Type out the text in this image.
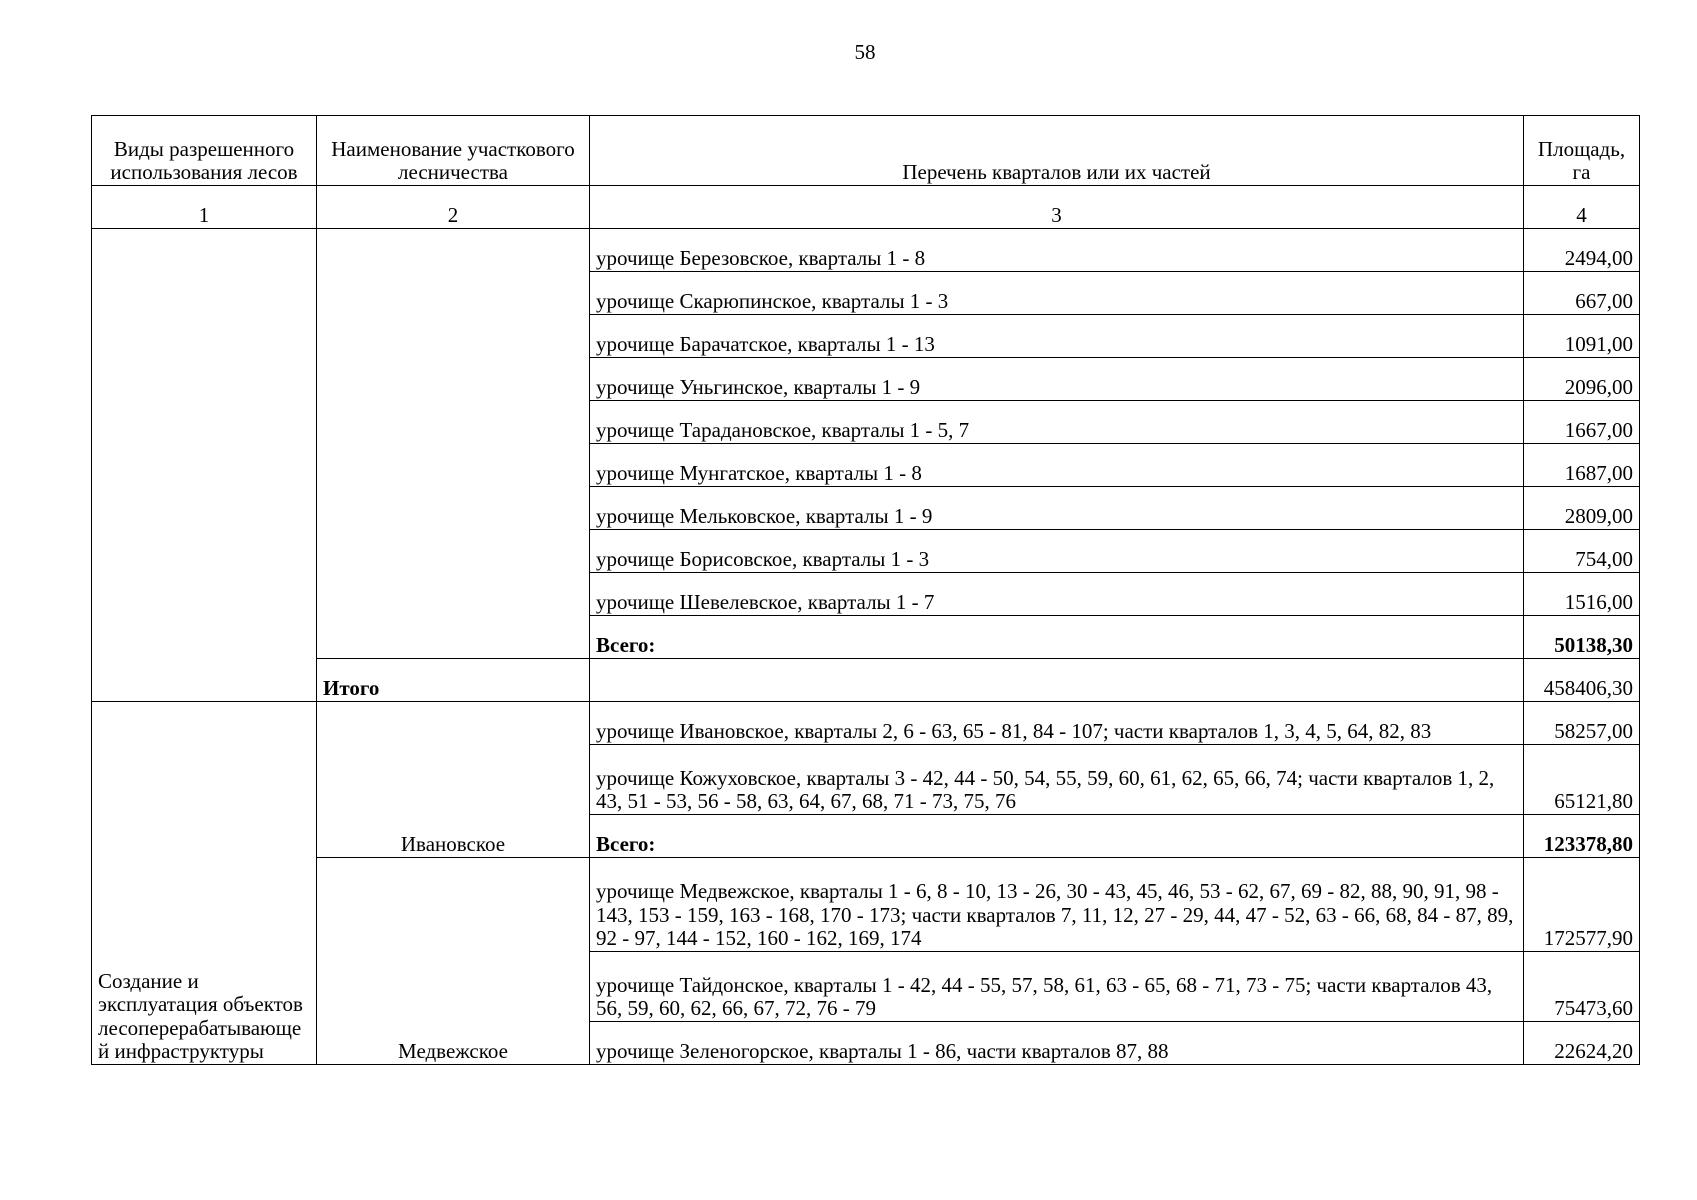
58
Виды разрешенного использования лесов	Наименование участкового лесничества	Перечень кварталов или их частей	Площадь, га
1	2	3	4
		урочище Березовское, кварталы 1 - 8	2494,00
		урочище Скарюпинское, кварталы 1 - 3	667,00
		урочище Барачатское, кварталы 1 - 13	1091,00
		урочище Уньгинское, кварталы 1 - 9	2096,00
		урочище Тараданoвское, кварталы 1 - 5, 7	1667,00
		урочище Мунгатское, кварталы 1 - 8	1687,00
		урочище Мельковское, кварталы 1 - 9	2809,00
		урочище Борисовское, кварталы 1 - 3	754,00
		урочище Шевелевское, кварталы 1 - 7	1516,00
		Всего:	50138,30
	Итого		458406,30
Создание и эксплуатация объектов лесоперерабатывающе й инфраструктуры	Ивановское	урочище Ивановское, кварталы 2, 6 - 63, 65 - 81, 84 - 107; части кварталов 1, 3, 4, 5, 64, 82, 83	58257,00
		урочище Кожуховское, кварталы 3 - 42, 44 - 50, 54, 55, 59, 60, 61, 62, 65, 66, 74; части кварталов 1, 2, 43, 51 - 53, 56 - 58, 63, 64, 67, 68, 71 - 73, 75, 76	65121,80
		Всего:	123378,80
	Медвежское	урочище Медвежское, кварталы 1 - 6, 8 - 10, 13 - 26, 30 - 43, 45, 46, 53 - 62, 67, 69 - 82, 88, 90, 91, 98 - 143, 153 - 159, 163 - 168, 170 - 173; части кварталов 7, 11, 12, 27 - 29, 44, 47 - 52, 63 - 66, 68, 84 - 87, 89, 92 - 97, 144 - 152, 160 - 162, 169, 174	172577,90
		урочище Тайдонское, кварталы 1 - 42, 44 - 55, 57, 58, 61, 63 - 65, 68 - 71, 73 - 75; части кварталов 43, 56, 59, 60, 62, 66, 67, 72, 76 - 79	75473,60
		урочище Зеленогорское, кварталы 1 - 86, части кварталов 87, 88	22624,20
